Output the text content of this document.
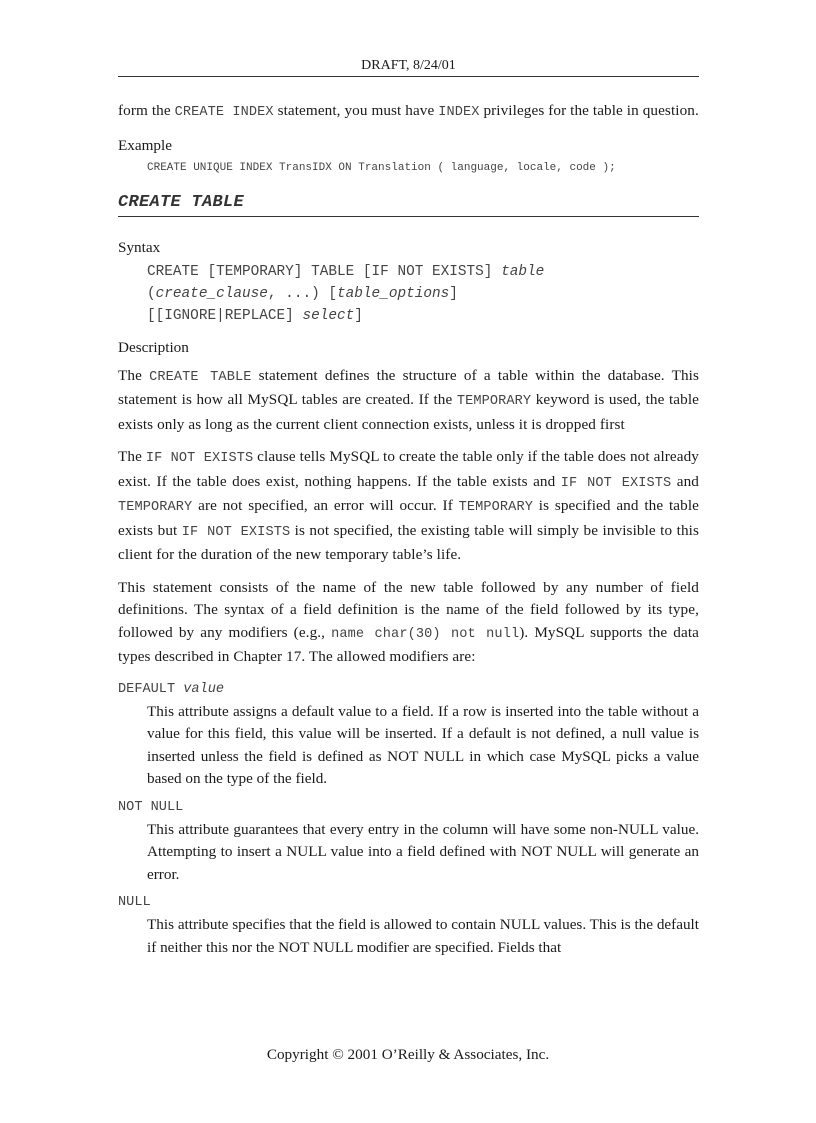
DRAFT, 8/24/01

form the CREATE INDEX statement, you must have INDEX privileges for the table in question.

Example

CREATE UNIQUE INDEX TransIDX ON Translation ( language, locale, code );
CREATE TABLE

Syntax

CREATE [TEMPORARY] TABLE [IF NOT EXISTS] table
(create_clause, ...) [table_options]
[[IGNORE|REPLACE] select]

Description

The CREATE TABLE statement defines the structure of a table within the database. This statement is how all MySQL tables are created. If the TEMPORARY keyword is used, the table exists only as long as the current client connection exists, unless it is dropped first

The IF NOT EXISTS clause tells MySQL to create the table only if the table does not already exist. If the table does exist, nothing happens. If the table exists and IF NOT EXISTS and TEMPORARY are not specified, an error will occur. If TEMPORARY is specified and the table exists but IF NOT EXISTS is not specified, the existing table will simply be invisible to this client for the duration of the new temporary table’s life.

This statement consists of the name of the new table followed by any number of field definitions. The syntax of a field definition is the name of the field followed by its type, followed by any modifiers (e.g., name char(30) not null). MySQL supports the data types described in Chapter 17. The allowed modifiers are:

DEFAULT value

This attribute assigns a default value to a field. If a row is inserted into the table without a value for this field, this value will be inserted. If a default is not defined, a null value is inserted unless the field is defined as NOT NULL in which case MySQL picks a value based on the type of the field.

NOT NULL

This attribute guarantees that every entry in the column will have some non-NULL value. Attempting to insert a NULL value into a field defined with NOT NULL will generate an error.

NULL

This attribute specifies that the field is allowed to contain NULL values. This is the default if neither this nor the NOT NULL modifier are specified. Fields that

Copyright © 2001 O’Reilly & Associates, Inc.
